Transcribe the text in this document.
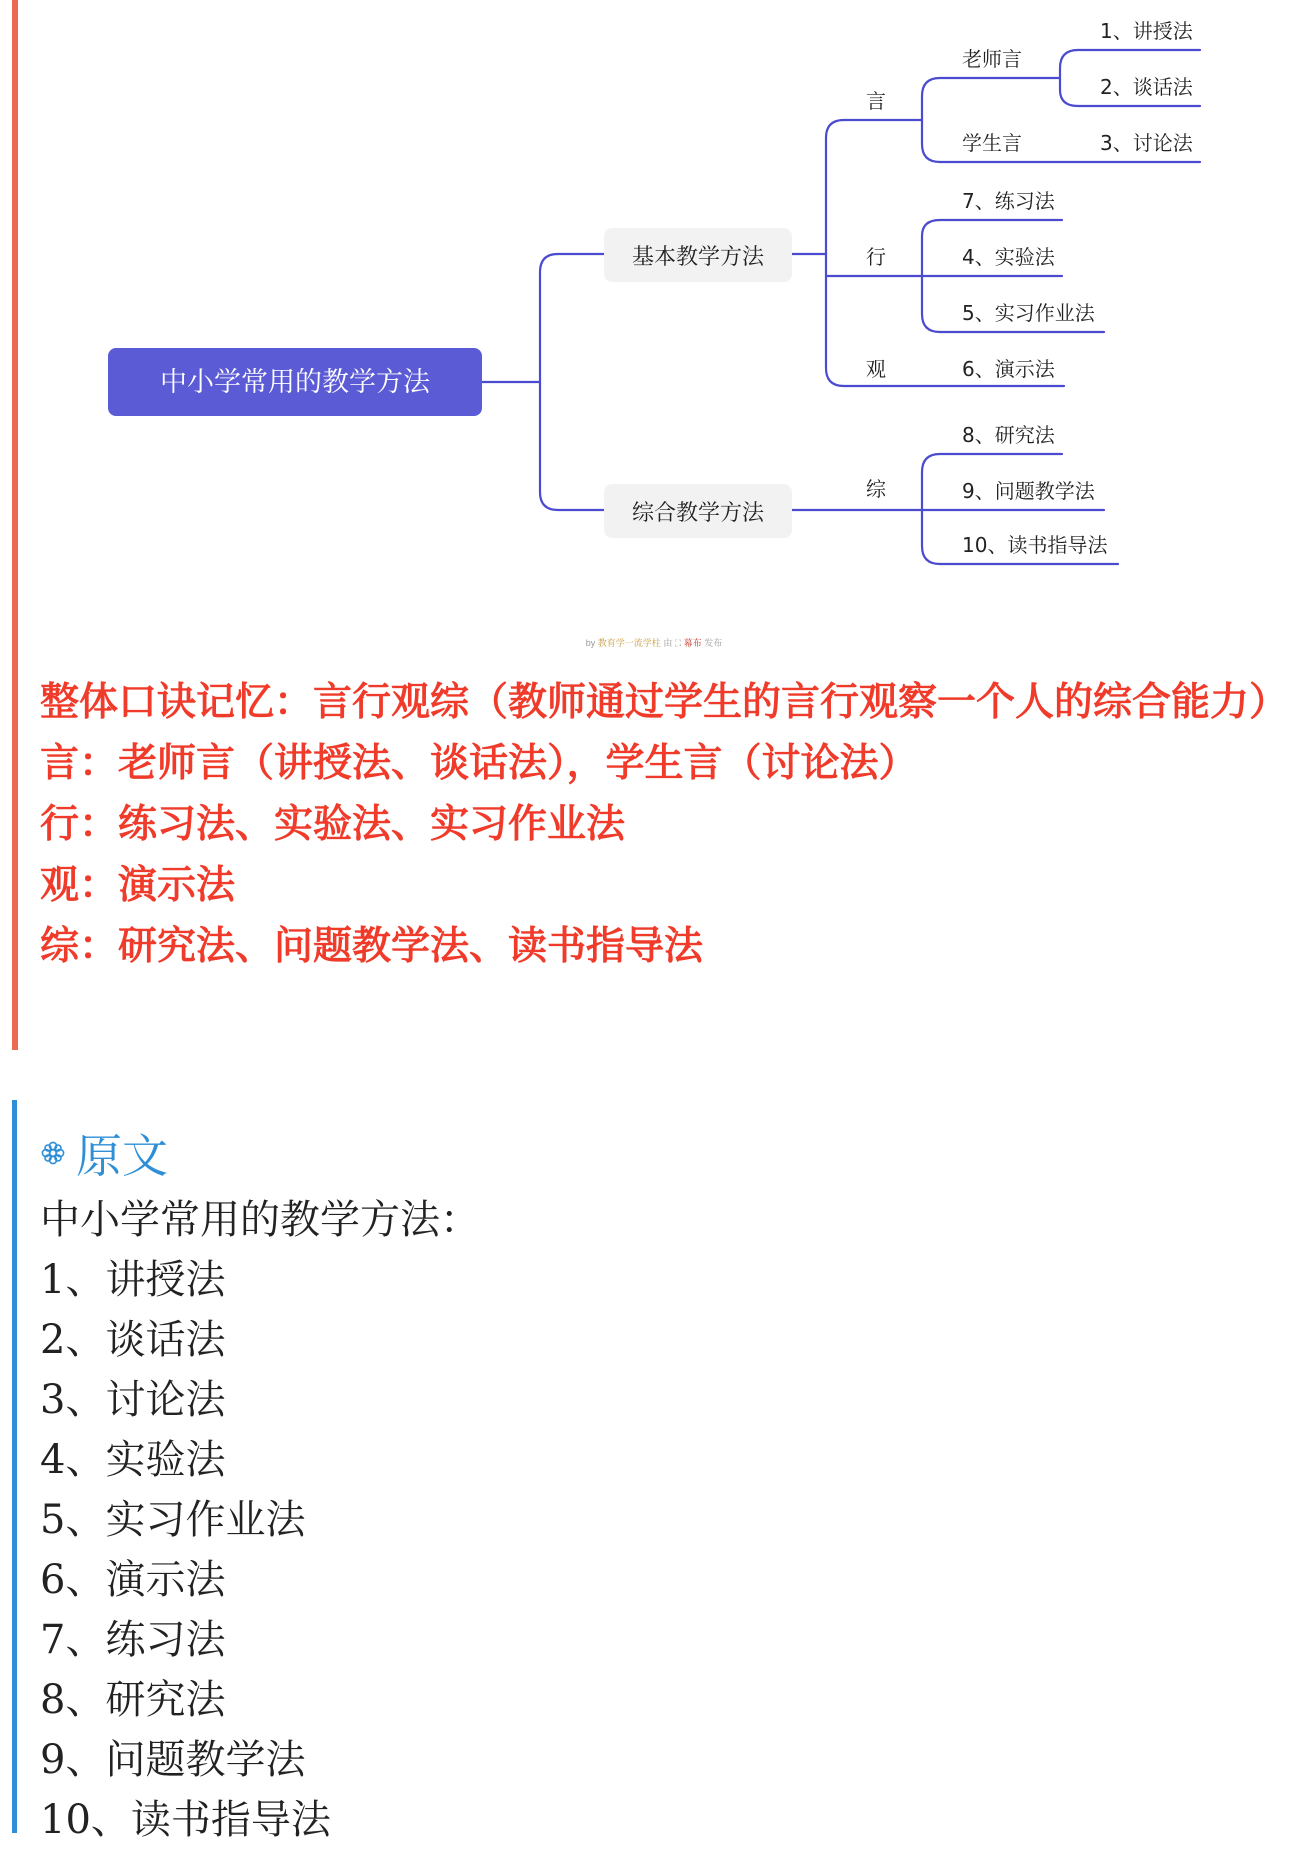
中小学常用的教学方法
基本教学方法
综合教学方法
言
行
观
综
老师言
学生言
1、讲授法
2、谈话法
3、讨论法
7、练习法
4、实验法
5、实习作业法
6、演示法
8、研究法
9、问题教学法
10、读书指导法
by 教育学一流学柱 由 ⛶ 幕布 发布

整体口诀记忆：言行观综（教师通过学生的言行观察一个人的综合能力）

言：老师言（讲授法、谈话法），学生言（讨论法）

行：练习法、实验法、实习作业法

观：演示法

综：研究法、问题教学法、读书指导法

原文
中小学常用的教学方法：
1、讲授法
2、谈话法
3、讨论法
4、实验法
5、实习作业法
6、演示法
7、练习法
8、研究法
9、问题教学法
10、读书指导法
